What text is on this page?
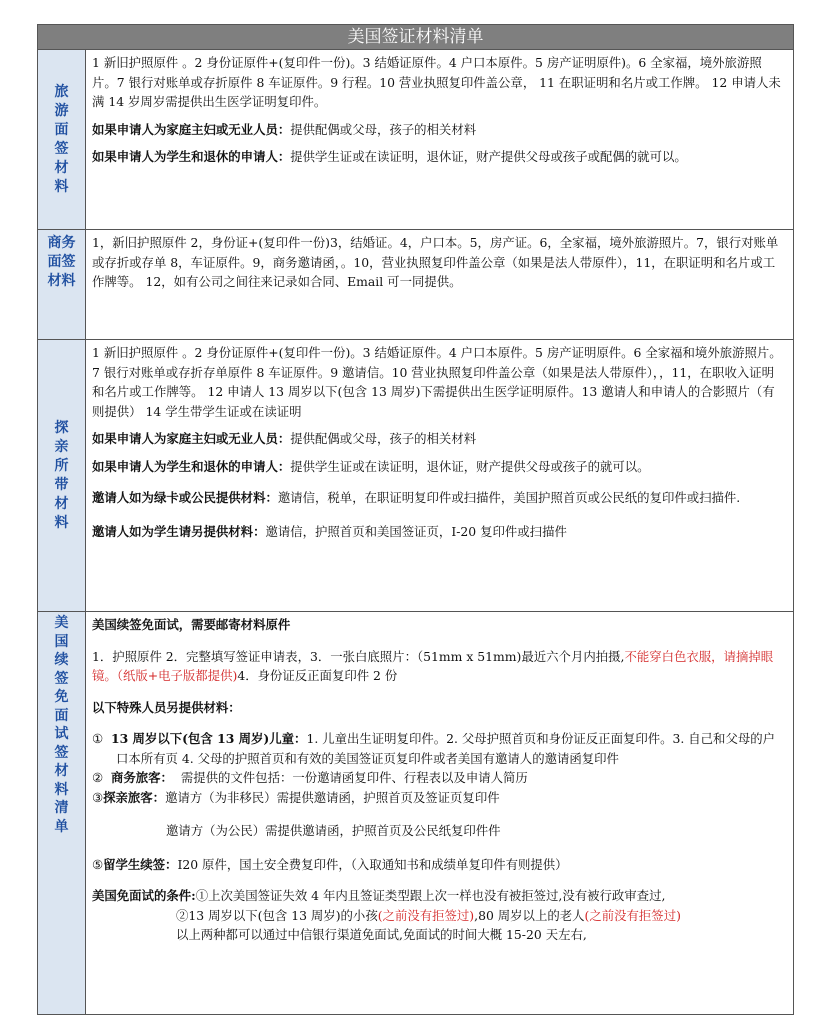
美国签证材料清单
旅
游
面
签
材
料

1 新旧护照原件 。2 身份证原件+(复印件一份)。3 结婚证原件。4 户口本原件。5 房产证明原件)。6 全家福，境外旅游照片。7 银行对账单或存折原件 8 车证原件。9 行程。10 营业执照复印件盖公章， 11 在职证明和名片或工作牌。 12 申请人未满 14 岁周岁需提供出生医学证明复印件。

如果申请人为家庭主妇或无业人员：提供配偶或父母，孩子的相关材料

如果申请人为学生和退休的申请人：提供学生证或在读证明，退休证，财产提供父母或孩子或配偶的就可以。

商务
面签
材料

1，新旧护照原件 2，身份证+(复印件一份)3，结婚证。4，户口本。5，房产证。6，全家福，境外旅游照片。7，银行对账单或存折或存单 8，车证原件。9，商务邀请函，。10，营业执照复印件盖公章（如果是法人带原件），11，在职证明和名片或工作牌等。 12，如有公司之间往来记录如合同、Email 可一同提供。

探
亲
所
带
材
料

1 新旧护照原件 。2 身份证原件+(复印件一份)。3 结婚证原件。4 户口本原件。5 房产证明原件。6 全家福和境外旅游照片。7 银行对账单或存折存单原件 8 车证原件。9 邀请信。10 营业执照复印件盖公章（如果是法人带原件），，11，在职收入证明和名片或工作牌等。 12 申请人 13 周岁以下(包含 13 周岁)下需提供出生医学证明原件。13 邀请人和申请人的合影照片（有则提供） 14 学生带学生证或在读证明

如果申请人为家庭主妇或无业人员：提供配偶或父母，孩子的相关材料

如果申请人为学生和退休的申请人：提供学生证或在读证明，退休证，财产提供父母或孩子的就可以。

邀请人如为绿卡或公民提供材料：邀请信，税单，在职证明复印件或扫描件，美国护照首页或公民纸的复印件或扫描件.

邀请人如为学生请另提供材料：邀请信，护照首页和美国签证页，I-20 复印件或扫描件

美
国
续
签
免
面
试
签
材
料
清
单

美国续签免面试，需要邮寄材料原件

1．护照原件 2．完整填写签证申请表，3．一张白底照片：（51mm x 51mm)最近六个月内拍摄,不能穿白色衣服，请摘掉眼镜。（纸版+电子版都提供)4．身份证反正面复印件 2 份

以下特殊人员另提供材料：

① 13 周岁以下(包含 13 周岁)儿童：1. 儿童出生证明复印件。2. 父母护照首页和身份证反正面复印件。3. 自己和父母的户口本所有页 4. 父母的护照首页和有效的美国签证页复印件或者美国有邀请人的邀请函复印件

② 商务旅客： 需提供的文件包括：一份邀请函复印件、行程表以及申请人简历

③探亲旅客：邀请方（为非移民）需提供邀请函，护照首页及签证页复印件

邀请方（为公民）需提供邀请函，护照首页及公民纸复印件件

⑤留学生续签：I20 原件，国土安全费复印件，（入取通知书和成绩单复印件有则提供）

美国免面试的条件:①上次美国签证失效 4 年内且签证类型跟上次一样也没有被拒签过,没有被行政审查过,

②13 周岁以下(包含 13 周岁)的小孩(之前没有拒签过),80 周岁以上的老人(之前没有拒签过)

以上两种都可以通过中信银行渠道免面试,免面试的时间大概 15-20 天左右,
